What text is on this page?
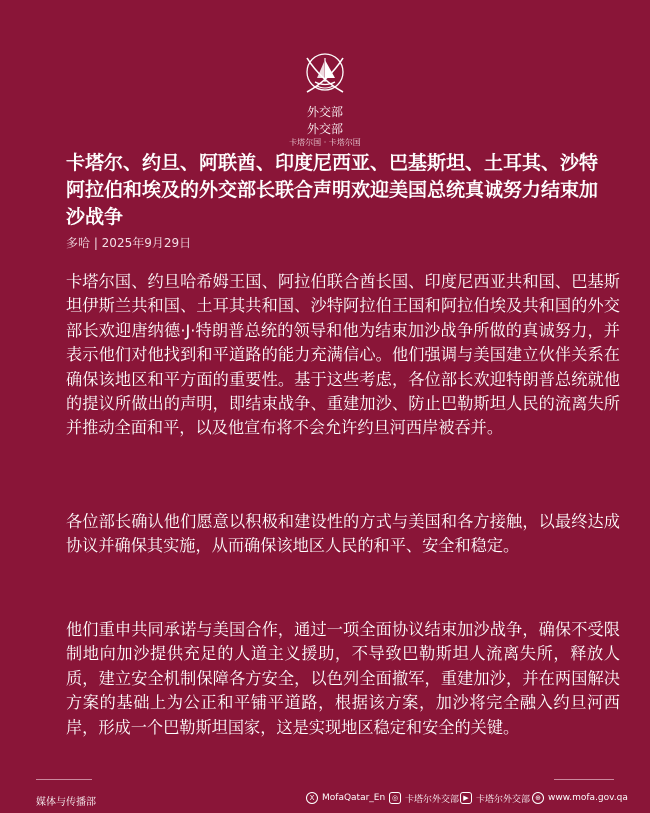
外交部
外交部
卡塔尔国 · 卡塔尔国
卡塔尔、约旦、阿联酋、印度尼西亚、巴基斯坦、土耳其、沙特阿拉伯和埃及的外交部长联合声明欢迎美国总统真诚努力结束加沙战争
多哈 | 2025年9月29日

卡塔尔国、约旦哈希姆王国、阿拉伯联合酋长国、印度尼西亚共和国、巴基斯坦伊斯兰共和国、土耳其共和国、沙特阿拉伯王国和阿拉伯埃及共和国的外交部长欢迎唐纳德·J·特朗普总统的领导和他为结束加沙战争所做的真诚努力，并表示他们对他找到和平道路的能力充满信心。他们强调与美国建立伙伴关系在确保该地区和平方面的重要性。基于这些考虑，各位部长欢迎特朗普总统就他的提议所做出的声明，即结束战争、重建加沙、防止巴勒斯坦人民的流离失所并推动全面和平，以及他宣布将不会允许约旦河西岸被吞并。

各位部长确认他们愿意以积极和建设性的方式与美国和各方接触，以最终达成协议并确保其实施，从而确保该地区人民的和平、安全和稳定。

他们重申共同承诺与美国合作，通过一项全面协议结束加沙战争，确保不受限制地向加沙提供充足的人道主义援助，不导致巴勒斯坦人流离失所，释放人质，建立安全机制保障各方安全，以色列全面撤军，重建加沙，并在两国解决方案的基础上为公正和平铺平道路，根据该方案，加沙将完全融入约旦河西岸，形成一个巴勒斯坦国家，这是实现地区稳定和安全的关键。

媒体与传播部	X MofaQatar_En ◎ 卡塔尔外交部 ▶ 卡塔尔外交部 ⊕ www.mofa.gov.qa
